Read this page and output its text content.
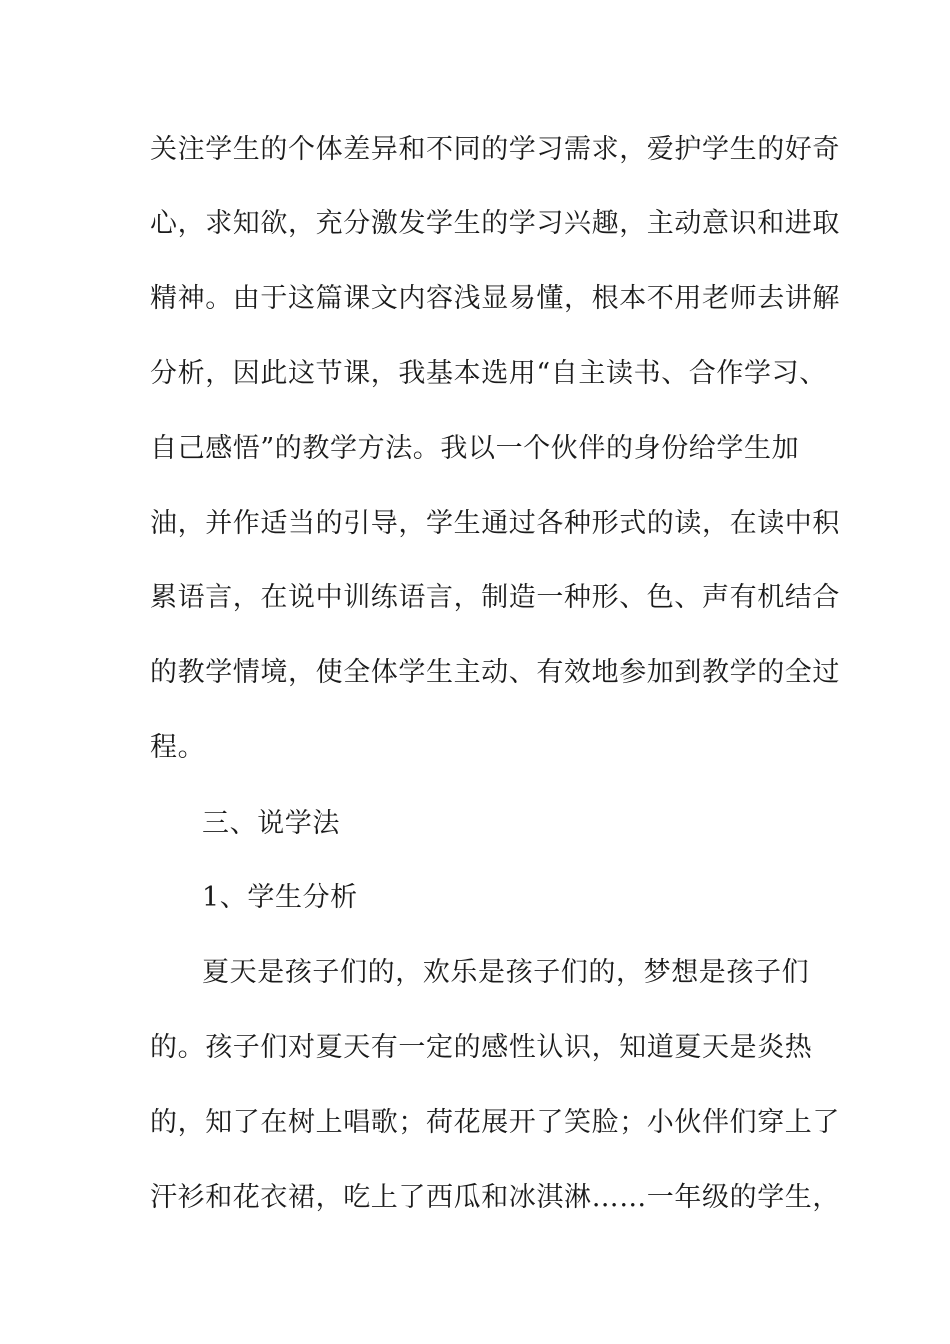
关注学生的个体差异和不同的学习需求，爱护学生的好奇
心，求知欲，充分激发学生的学习兴趣，主动意识和进取
精神。由于这篇课文内容浅显易懂，根本不用老师去讲解
分析，因此这节课，我基本选用“自主读书、合作学习、
自己感悟”的教学方法。我以一个伙伴的身份给学生加
油，并作适当的引导，学生通过各种形式的读，在读中积
累语言，在说中训练语言，制造一种形、色、声有机结合
的教学情境，使全体学生主动、有效地参加到教学的全过
程。
三、说学法
1、学生分析
夏天是孩子们的，欢乐是孩子们的，梦想是孩子们
的。孩子们对夏天有一定的感性认识，知道夏天是炎热
的，知了在树上唱歌；荷花展开了笑脸；小伙伴们穿上了
汗衫和花衣裙，吃上了西瓜和冰淇淋……一年级的学生，
